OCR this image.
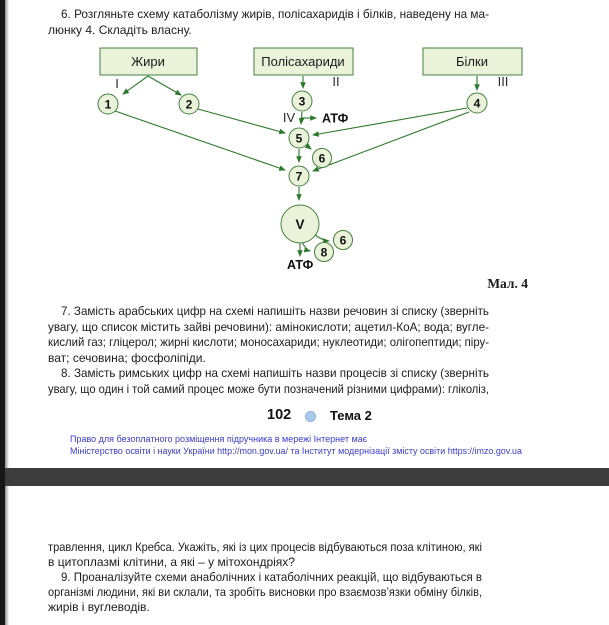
6. Розгляньте схему катаболізму жирів, полісахаридів і білків, наведену на ма-
люнку 4. Складіть власну.
Жири	Полісахариди	Білки
I	II	III
IV
1	2	3	4
5
6
7
V
8
6
АТФ
АТФ
Мал. 4
7. Замість арабських цифр на схемі напишіть назви речовин зі списку (зверніть
увагу, що список містить зайві речовини): амінокислоти; ацетил-КоА; вода; вугле-
кислий газ; гліцерол; жирні кислоти; моносахариди; нуклеотиди; олігопептиди; піру-
ват; сечовина; фосфоліпіди.
8. Замість римських цифр на схемі напишіть назви процесів зі списку (зверніть
увагу, що один і той самий процес може бути позначений різними цифрами): гліколіз,
102	Тема 2
Право для безоплатного розміщення підручника в мережі Інтернет має
Міністерство освіти і науки України http://mon.gov.ua/ та Інститут модернізації змісту освіти https://imzo.gov.ua
травлення, цикл Кребса. Укажіть, які із цих процесів відбуваються поза клітиною, які
в цитоплазмі клітини, а які – у мітохондріях?
9. Проаналізуйте схеми анаболічних і катаболічних реакцій, що відбуваються в
організмі людини, які ви склали, та зробіть висновки про взаємозв’язки обміну білків,
жирів і вуглеводів.
